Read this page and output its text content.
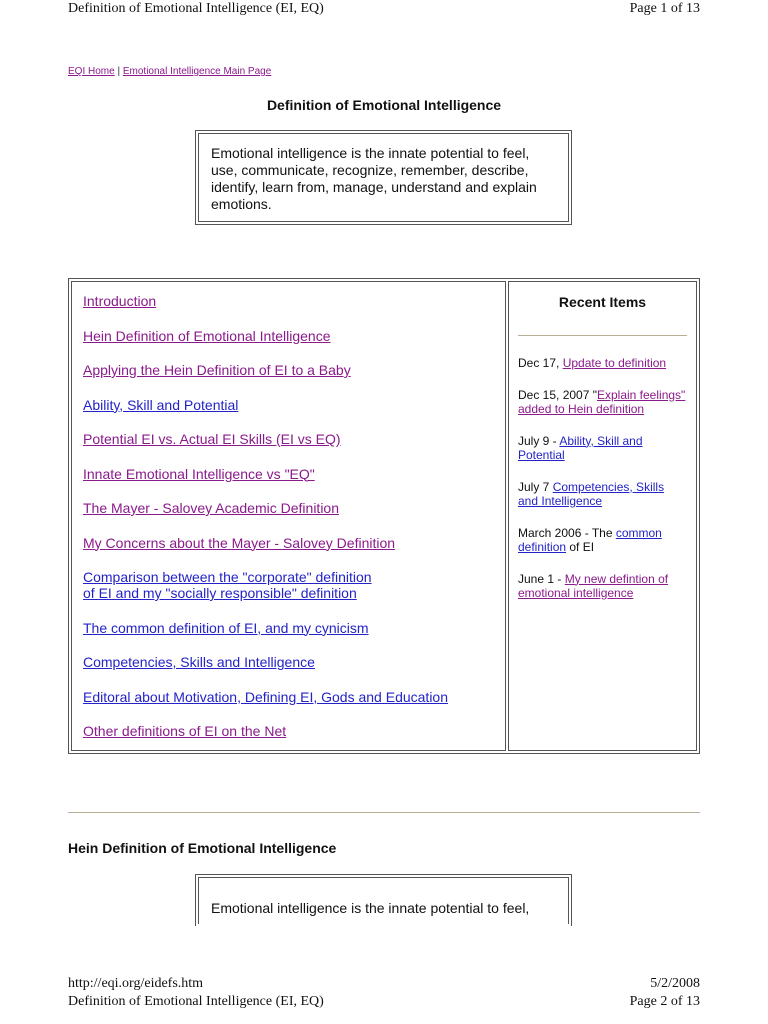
Definition of Emotional Intelligence (EI, EQ)	Page 1 of 13
EQI Home | Emotional Intelligence Main Page
Definition of Emotional Intelligence
Emotional intelligence is the innate potential to feel, use, communicate, recognize, remember, describe, identify, learn from, manage, understand and explain emotions.
Introduction
Hein Definition of Emotional Intelligence
Applying the Hein Definition of EI to a Baby
Ability, Skill and Potential
Potential EI vs. Actual EI Skills (EI vs EQ)
Innate Emotional Intelligence vs "EQ"
The Mayer - Salovey Academic Definition
My Concerns about the Mayer - Salovey Definition
Comparison between the "corporate" definition
of EI and my "socially responsible" definition
The common definition of EI, and my cynicism
Competencies, Skills and Intelligence
Editoral about Motivation, Defining EI, Gods and Education
Other definitions of EI on the Net
Recent Items
Dec 17, Update to definition
Dec 15, 2007 "Explain feelings" added to Hein definition
July 9 - Ability, Skill and Potential
July 7 Competencies, Skills and Intelligence
March 2006 - The common definition of EI
June 1 - My new defintion of emotional intelligence
Hein Definition of Emotional Intelligence
Emotional intelligence is the innate potential to feel,
http://eqi.org/eidefs.htm	5/2/2008
Definition of Emotional Intelligence (EI, EQ)	Page 2 of 13
